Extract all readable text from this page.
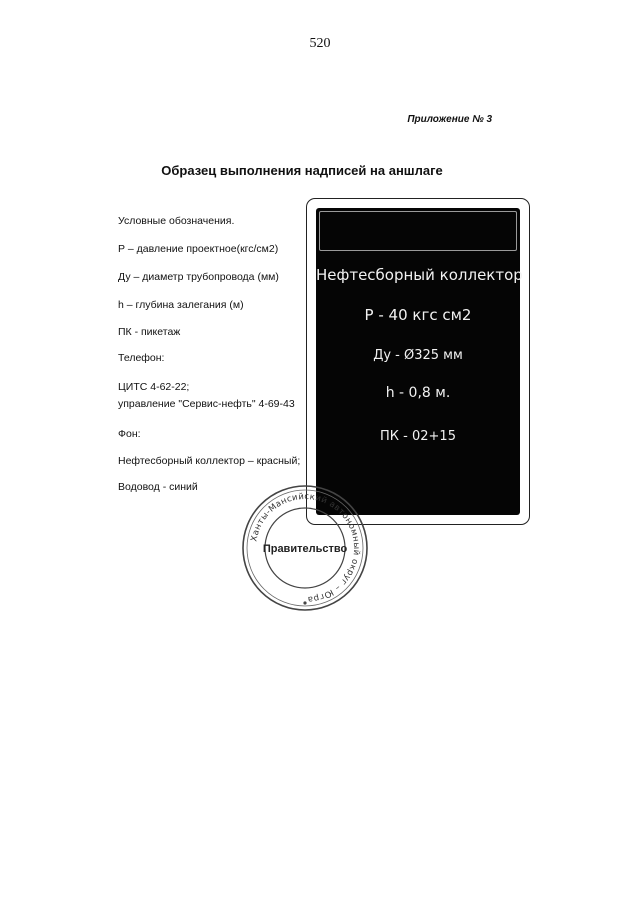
520
Приложение № 3
Образец выполнения надписей на аншлаге
Условные обозначения.
Р – давление проектное(кгс/см2)
Ду – диаметр трубопровода (мм)
h – глубина залегания (м)
ПК - пикетаж
Телефон:
ЦИТС 4-62-22;
управление "Сервис-нефть" 4-69-43
Фон:
Нефтесборный коллектор – красный;
Водовод - синий
Нефтесборный коллектор
Р - 40 кгс см2
Ду - Ø325 мм
h - 0,8 м.
ПК - 02+15
Ханты-Мансийский автономный округ – Югра
Правительство
